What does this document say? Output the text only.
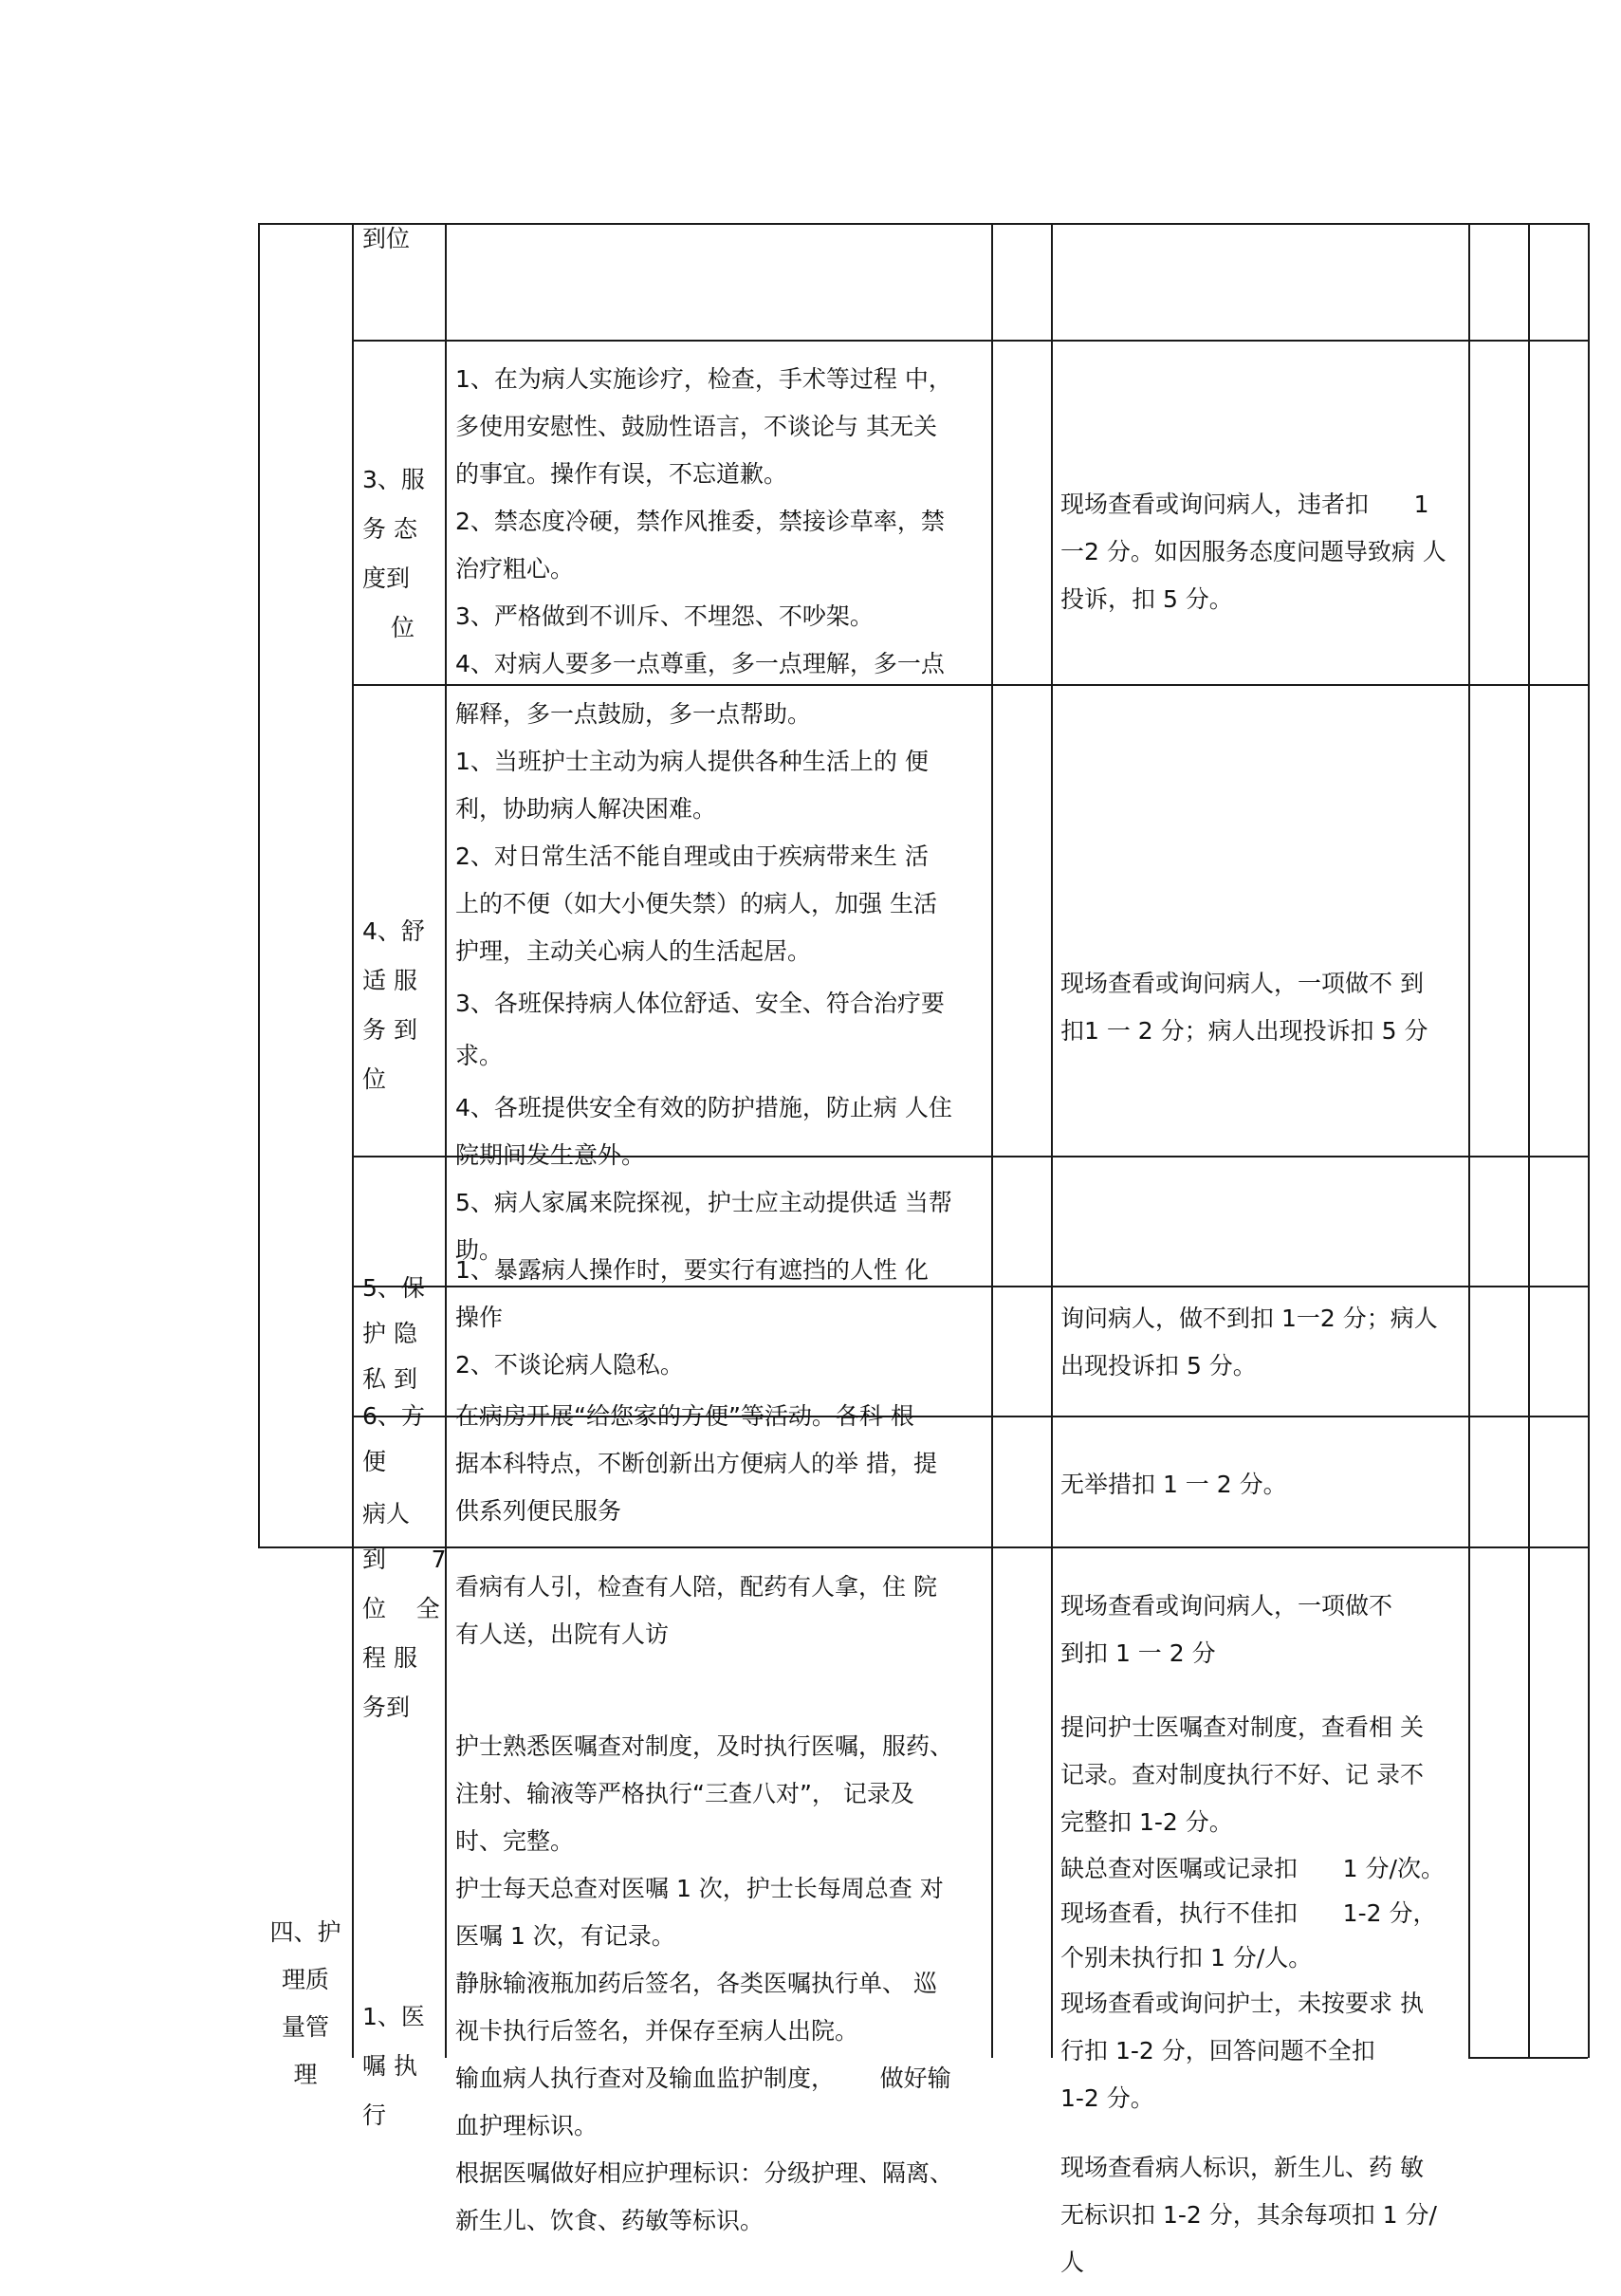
到位
3、服
务 态
度到
位
1、在为病人实施诊疗，检查，手术等过程 中，
多使用安慰性、鼓励性语言，不谈论与 其无关
的事宜。操作有误，不忘道歉。
2、禁态度冷硬，禁作风推委，禁接诊草率，禁
治疗粗心。
3、严格做到不训斥、不埋怨、不吵架。
4、对病人要多一点尊重，多一点理解，多一点
现场查看或询问病人，违者扣      1
一2 分。如因服务态度问题导致病 人
投诉，扣 5 分。
4、舒
适 服
务 到
位
解释，多一点鼓励，多一点帮助。
1、当班护士主动为病人提供各种生活上的 便
利，协助病人解决困难。
2、对日常生活不能自理或由于疾病带来生 活
上的不便（如大小便失禁）的病人，加强 生活
护理，主动关心病人的生活起居。
3、各班保持病人体位舒适、安全、符合治疗要
求。
4、各班提供安全有效的防护措施，防止病 人住
院期间发生意外。
5、病人家属来院探视，护士应主动提供适 当帮
助。
现场查看或询问病人，一项做不 到
扣1 一 2 分；病人出现投诉扣 5 分
5、保
护 隐
私 到
1、暴露病人操作时，要实行有遮挡的人性 化
操作
2、不谈论病人隐私。
询问病人，做不到扣 1一2 分；病人
出现投诉扣 5 分。
6、方
便
病人
在病房开展“给您家的方便”等活动。各科 根
据本科特点，不断创新出方便病人的举 措，提
供系列便民服务
无举措扣 1 一 2 分。
四、护
理质
量管
理
到      7
位    全
程 服
务到
1、医
嘱 执
行
看病有人引，检查有人陪，配药有人拿，住 院
有人送，出院有人访
护士熟悉医嘱查对制度，及时执行医嘱，服药、
注射、输液等严格执行“三查八对”， 记录及
时、完整。
护士每天总查对医嘱 1 次，护士长每周总查 对
医嘱 1 次，有记录。
静脉输液瓶加药后签名，各类医嘱执行单、 巡
视卡执行后签名，并保存至病人出院。
输血病人执行查对及输血监护制度，      做好输
血护理标识。
根据医嘱做好相应护理标识：分级护理、隔离、
新生儿、饮食、药敏等标识。
现场查看或询问病人，一项做不
到扣 1 一 2 分
提问护士医嘱查对制度，查看相 关
记录。查对制度执行不好、记 录不
完整扣 1-2 分。
缺总查对医嘱或记录扣      1 分/次。
现场查看，执行不佳扣      1-2 分，
个别未执行扣 1 分/人。
现场查看或询问护士，未按要求 执
行扣 1-2 分，回答问题不全扣
1-2 分。
现场查看病人标识，新生儿、药 敏
无标识扣 1-2 分，其余每项扣 1 分/
人
